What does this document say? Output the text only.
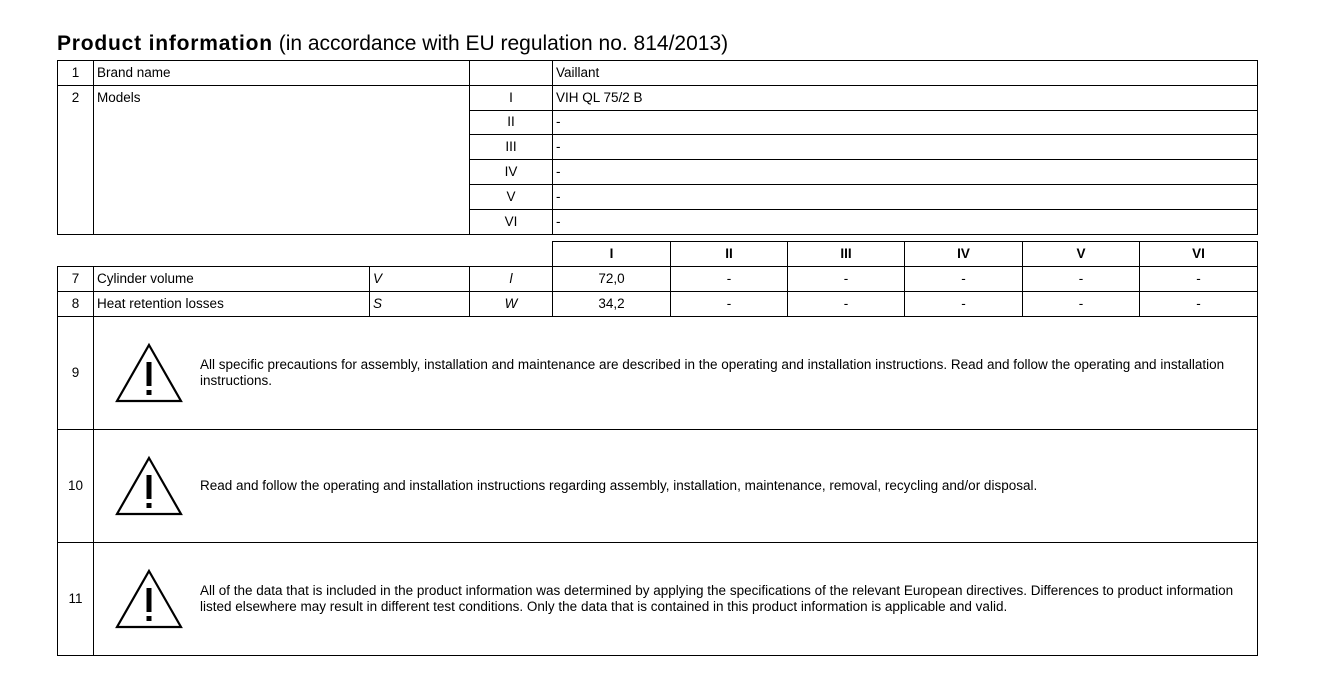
Product information (in accordance with EU regulation no. 814/2013)
1	Brand name		Vaillant
2	Models	I	VIH QL 75/2 B
		II	-
		III	-
		IV	-
		V	-
		VI	-
				I	II	III	IV	V	VI
7	Cylinder volume	V	l	72,0	-	-	-	-	-
8	Heat retention losses	S	W	34,2	-	-	-	-	-
9	All specific precautions for assembly, installation and maintenance are described in the operating and installation instructions. Read and follow the operating and installation instructions.								

10	Read and follow the operating and installation instructions regarding assembly, installation, maintenance, removal, recycling and/or disposal.								

11	All of the data that is included in the product information was determined by applying the specifications of the relevant European directives. Differences to product information listed elsewhere may result in different test conditions. Only the data that is contained in this product information is applicable and valid.								
